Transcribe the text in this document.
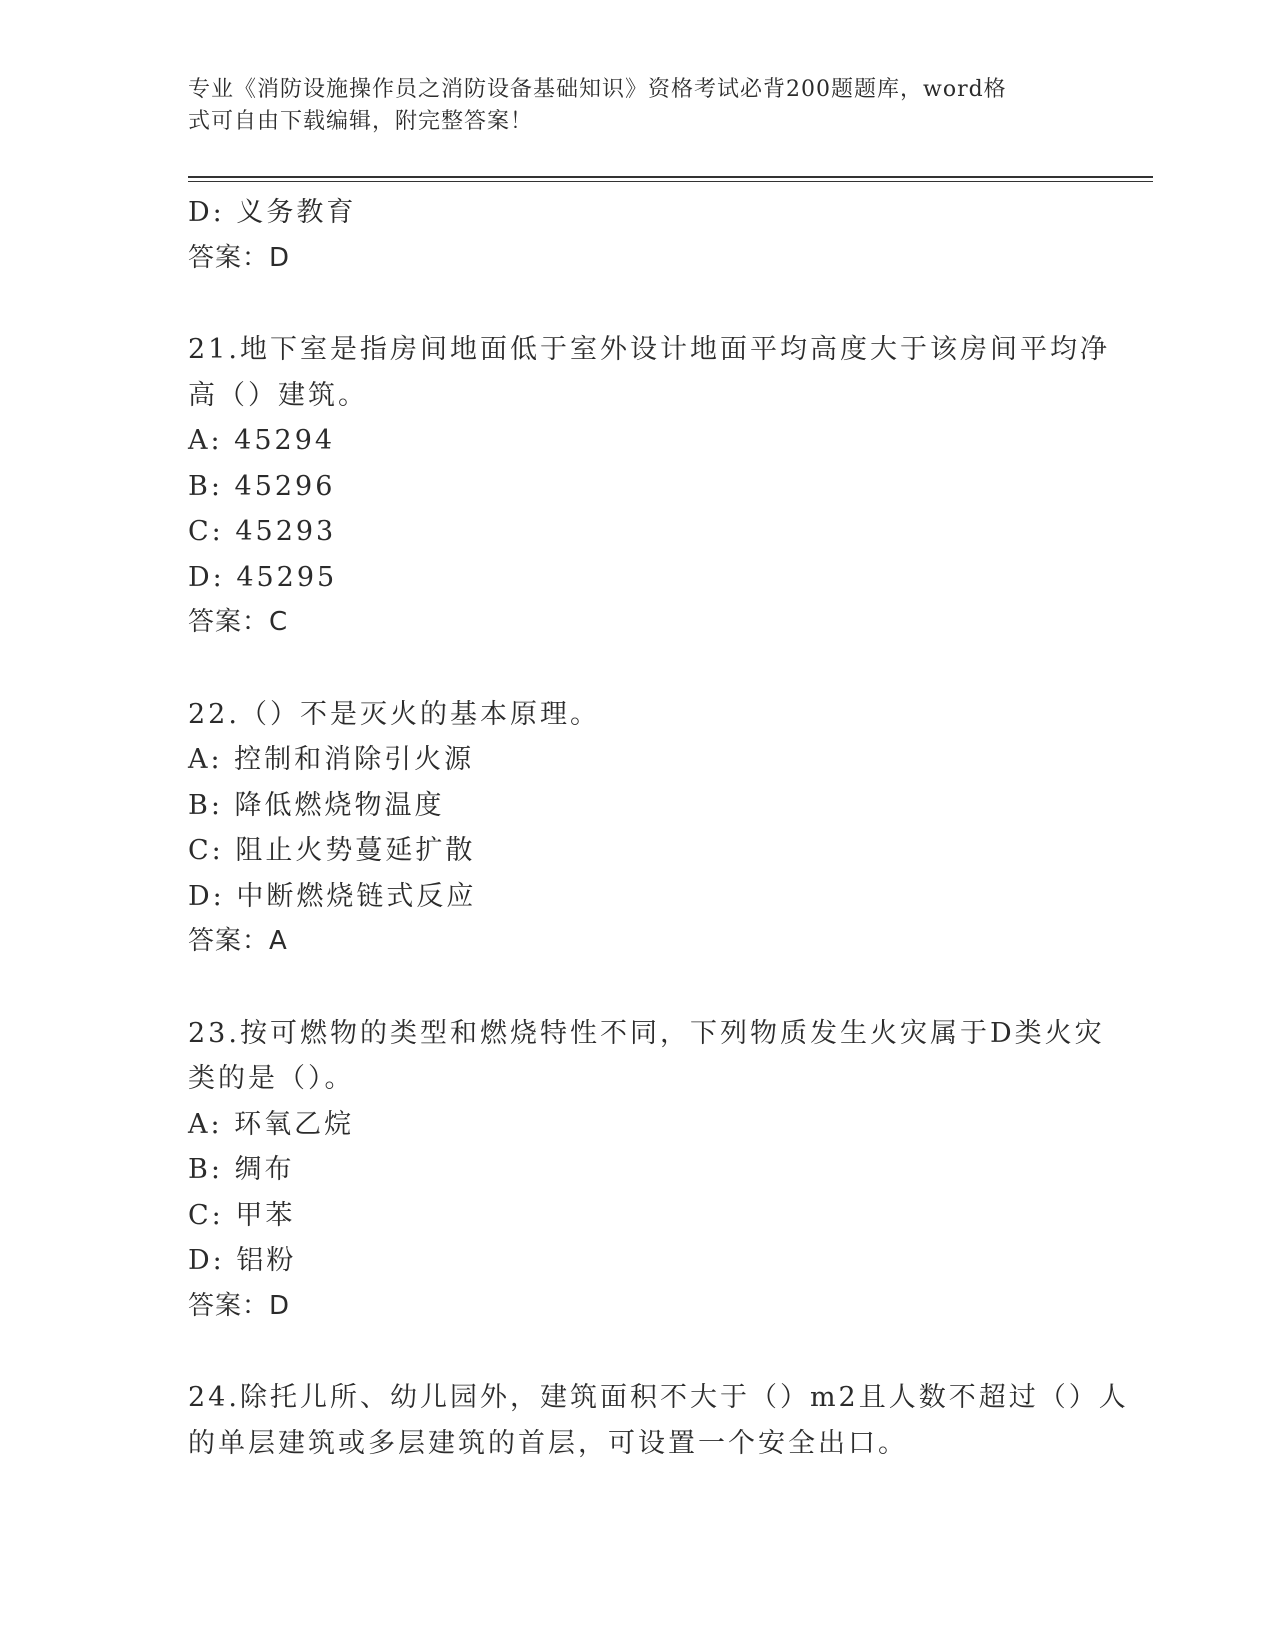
专业《消防设施操作员之消防设备基础知识》资格考试必背200题题库，word格
式可自由下载编辑，附完整答案！
D: 义务教育
答案：D
21.地下室是指房间地面低于室外设计地面平均高度大于该房间平均净
高（）建筑。
A: 45294
B: 45296
C: 45293
D: 45295
答案：C
22.（）不是灭火的基本原理。
A: 控制和消除引火源
B: 降低燃烧物温度
C: 阻止火势蔓延扩散
D: 中断燃烧链式反应
答案：A
23.按可燃物的类型和燃烧特性不同，下列物质发生火灾属于D类火灾
类的是（）。
A: 环氧乙烷
B: 绸布
C: 甲苯
D: 铝粉
答案：D
24.除托儿所、幼儿园外，建筑面积不大于（）m2且人数不超过（）人
的单层建筑或多层建筑的首层，可设置一个安全出口。
